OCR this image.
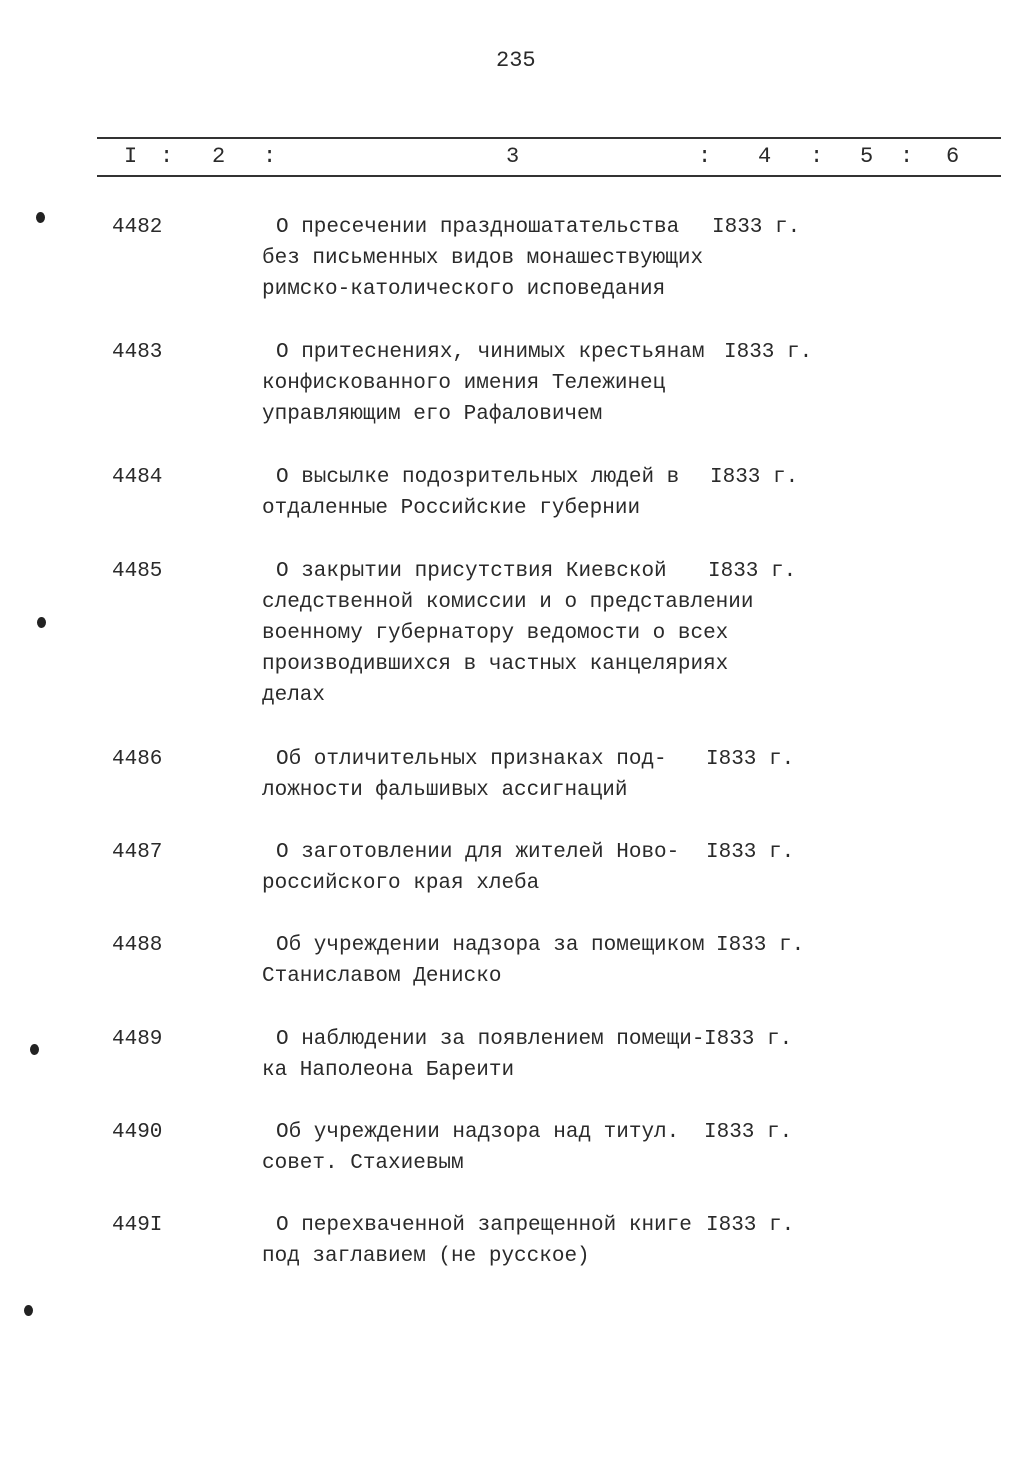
235
I : 2 :	3	: 4 : 5 : 6
4482	О пресечении празднoшатательства
без письменных видов монашествующих
римско-католического исповедания
I833 г.
4483	О притеснениях, чинимых крестьянам
конфискованного имения Тележинец
управляющим его Рафаловичем
I833 г.
4484	О высылке подозрительных людей в
отдаленные Российские губернии
I833 г.
4485	О закрытии присутствия Киевской
следственной комиссии и о представлении
военному губернатору ведомости о всех
производившихся в частных канцеляриях
делах
I833 г.
4486	Об отличительных признаках под-
ложности фальшивых ассигнаций
I833 г.
4487	О заготовлении для жителей Ново-
российского края хлеба
I833 г.
4488	Об учреждении надзора за помещиком
Станиславом Дениско
I833 г.
4489	О наблюдении за появлением помещи-
ка Наполеона Бареити
I833 г.
4490	Об учреждении надзора над титул.
совет. Стахиевым
I833 г.
449I	О перехваченной запрещенной книге
под заглавием (не русское)
I833 г.
